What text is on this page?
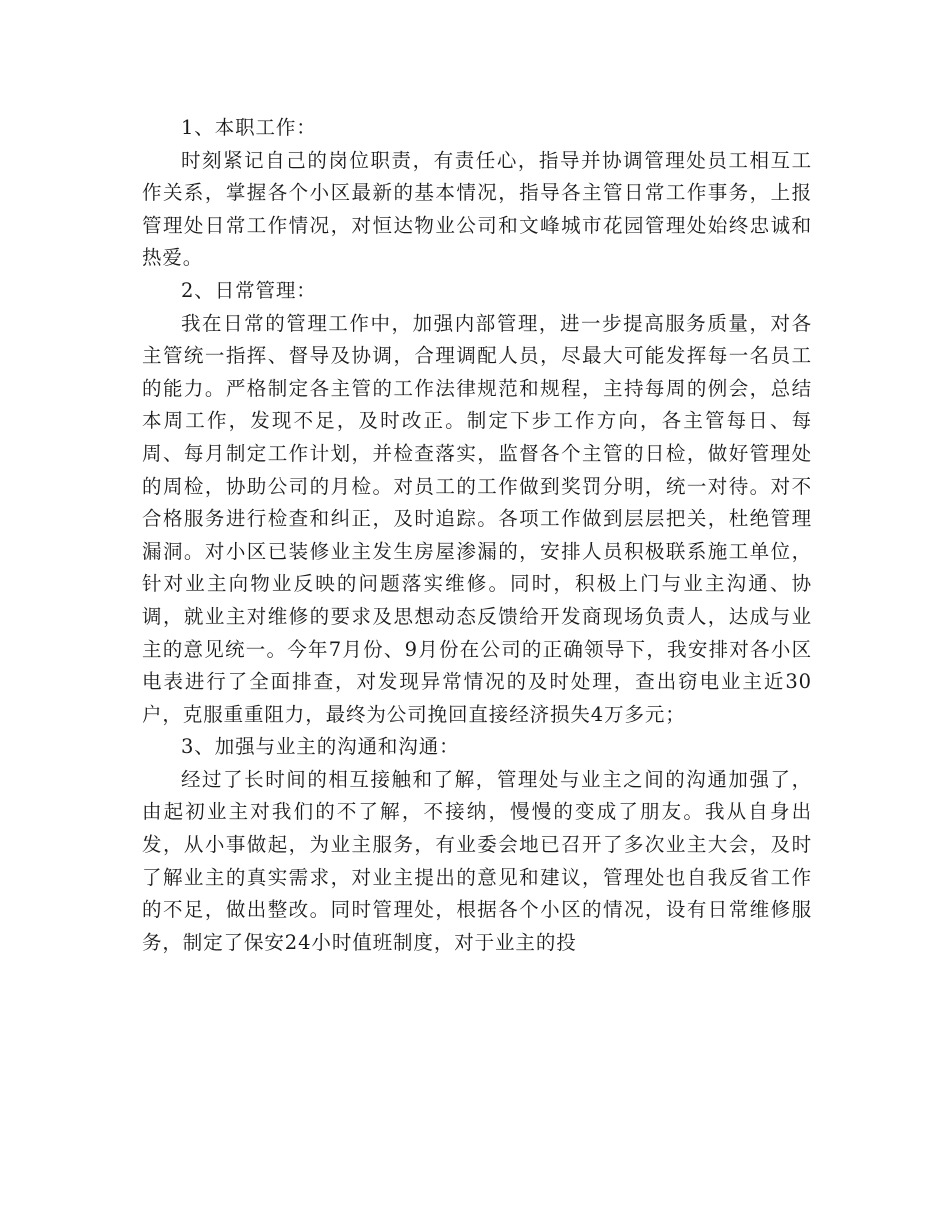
1、本职工作：

时刻紧记自己的岗位职责，有责任心，指导并协调管理处员工相互工作关系，掌握各个小区最新的基本情况，指导各主管日常工作事务，上报管理处日常工作情况，对恒达物业公司和文峰城市花园管理处始终忠诚和热爱。

2、日常管理：

我在日常的管理工作中，加强内部管理，进一步提高服务质量，对各主管统一指挥、督导及协调，合理调配人员，尽最大可能发挥每一名员工的能力。严格制定各主管的工作法律规范和规程，主持每周的例会，总结本周工作，发现不足，及时改正。制定下步工作方向，各主管每日、每周、每月制定工作计划，并检查落实，监督各个主管的日检，做好管理处的周检，协助公司的月检。对员工的工作做到奖罚分明，统一对待。对不合格服务进行检查和纠正，及时追踪。各项工作做到层层把关，杜绝管理漏洞。对小区已装修业主发生房屋渗漏的，安排人员积极联系施工单位，针对业主向物业反映的问题落实维修。同时，积极上门与业主沟通、协调，就业主对维修的要求及思想动态反馈给开发商现场负责人，达成与业主的意见统一。今年7月份、9月份在公司的正确领导下，我安排对各小区电表进行了全面排查，对发现异常情况的及时处理，查出窃电业主近30户，克服重重阻力，最终为公司挽回直接经济损失4万多元；

3、加强与业主的沟通和沟通：

经过了长时间的相互接触和了解，管理处与业主之间的沟通加强了，由起初业主对我们的不了解，不接纳，慢慢的变成了朋友。我从自身出发，从小事做起，为业主服务，有业委会地已召开了多次业主大会，及时了解业主的真实需求，对业主提出的意见和建议，管理处也自我反省工作的不足，做出整改。同时管理处，根据各个小区的情况，设有日常维修服务，制定了保安24小时值班制度，对于业主的投
